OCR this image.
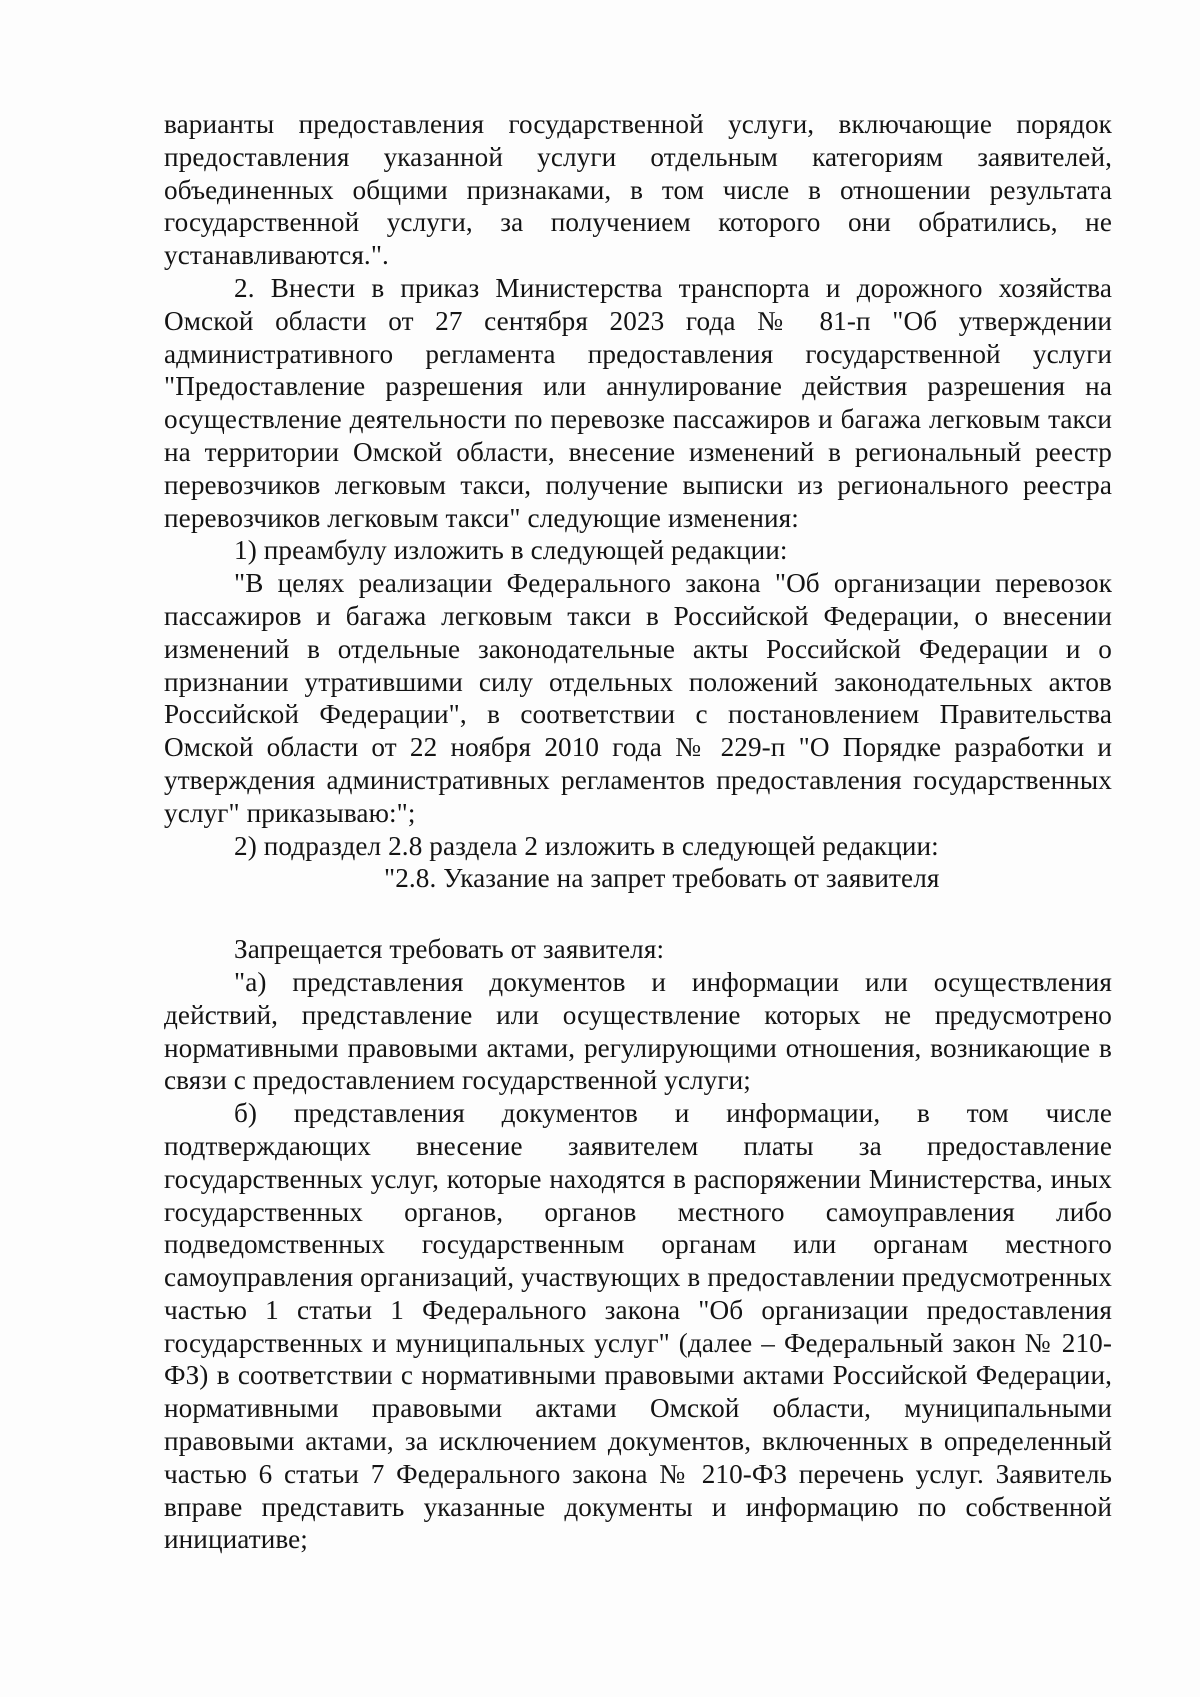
варианты предоставления государственной услуги, включающие порядок предоставления указанной услуги отдельным категориям заявителей, объединенных общими признаками, в том числе в отношении результата государственной услуги, за получением которого они обратились, не устанавливаются.".

2. Внести в приказ Министерства транспорта и дорожного хозяйства Омской области от 27 сентября 2023 года № 81-п "Об утверждении административного регламента предоставления государственной услуги "Предоставление разрешения или аннулирование действия разрешения на осуществление деятельности по перевозке пассажиров и багажа легковым такси на территории Омской области, внесение изменений в региональный реестр перевозчиков легковым такси, получение выписки из регионального реестра перевозчиков легковым такси" следующие изменения:

1) преамбулу изложить в следующей редакции:

"В целях реализации Федерального закона "Об организации перевозок пассажиров и багажа легковым такси в Российской Федерации, о внесении изменений в отдельные законодательные акты Российской Федерации и о признании утратившими силу отдельных положений законодательных актов Российской Федерации", в соответствии с постановлением Правительства Омской области от 22 ноября 2010 года № 229-п "О Порядке разработки и утверждения административных регламентов предоставления государственных услуг" приказываю:";

2) подраздел 2.8 раздела 2 изложить в следующей редакции:

"2.8. Указание на запрет требовать от заявителя

Запрещается требовать от заявителя:

"а) представления документов и информации или осуществления действий, представление или осуществление которых не предусмотрено нормативными правовыми актами, регулирующими отношения, возникающие в связи с предоставлением государственной услуги;

б) представления документов и информации, в том числе подтверждающих внесение заявителем платы за предоставление государственных услуг, которые находятся в распоряжении Министерства, иных государственных органов, органов местного самоуправления либо подведомственных государственным органам или органам местного самоуправления организаций, участвующих в предоставлении предусмотренных частью 1 статьи 1 Федерального закона "Об организации предоставления государственных и муниципальных услуг" (далее – Федеральный закон № 210-ФЗ) в соответствии с нормативными правовыми актами Российской Федерации, нормативными правовыми актами Омской области, муниципальными правовыми актами, за исключением документов, включенных в определенный частью 6 статьи 7 Федерального закона № 210-ФЗ перечень услуг. Заявитель вправе представить указанные документы и информацию по собственной инициативе;
